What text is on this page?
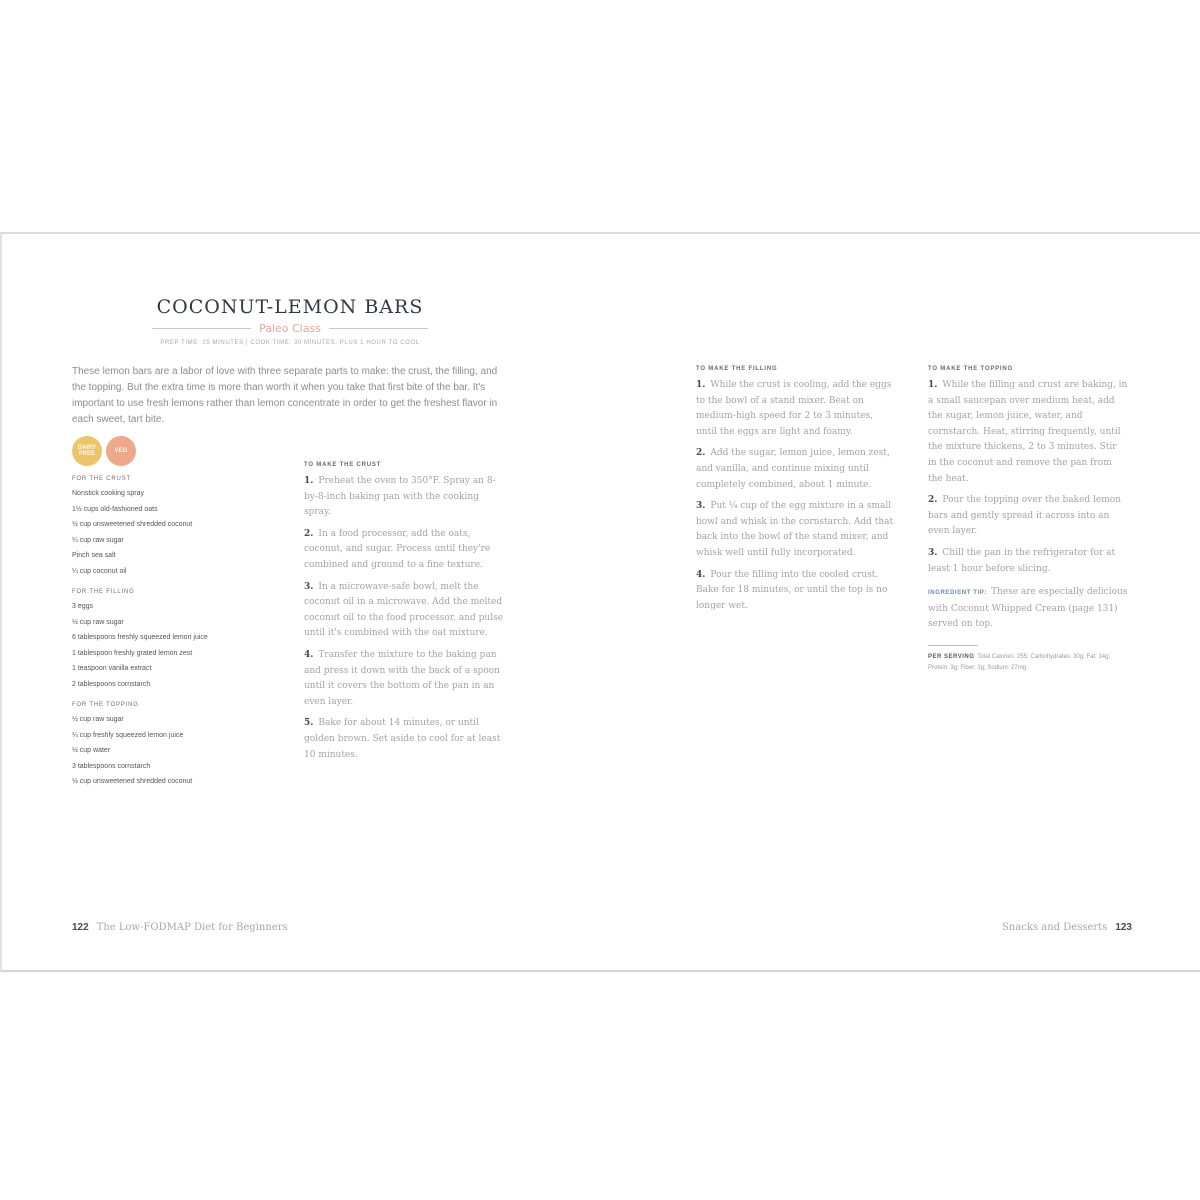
COCONUT-LEMON BARS
Paleo Class
PREP TIME: 25 MINUTES | COOK TIME: 30 MINUTES, PLUS 1 HOUR TO COOL
These lemon bars are a labor of love with three separate parts to make: the crust, the filling, and the topping. But the extra time is more than worth it when you take that first bite of the bar. It's important to use fresh lemons rather than lemon concentrate in order to get the freshest flavor in each sweet, tart bite.
DAIRY FREE	VEG
FOR THE CRUST
Nonstick cooking spray
1½ cups old-fashioned oats
½ cup unsweetened shredded coconut
¼ cup raw sugar
Pinch sea salt
¼ cup coconut oil
FOR THE FILLING
3 eggs
½ cup raw sugar
6 tablespoons freshly squeezed lemon juice
1 tablespoon freshly grated lemon zest
1 teaspoon vanilla extract
2 tablespoons cornstarch
FOR THE TOPPING
½ cup raw sugar
¼ cup freshly squeezed lemon juice
½ cup water
3 tablespoons cornstarch
½ cup unsweetened shredded coconut
TO MAKE THE CRUST
1. Preheat the oven to 350°F. Spray an 8-by-8-inch baking pan with the cooking spray.
2. In a food processor, add the oats, coconut, and sugar. Process until they're combined and ground to a fine texture.
3. In a microwave-safe bowl, melt the coconut oil in a microwave. Add the melted coconut oil to the food processor, and pulse until it's combined with the oat mixture.
4. Transfer the mixture to the baking pan and press it down with the back of a spoon until it covers the bottom of the pan in an even layer.
5. Bake for about 14 minutes, or until golden brown. Set aside to cool for at least 10 minutes.
TO MAKE THE FILLING
1. While the crust is cooling, add the eggs to the bowl of a stand mixer. Beat on medium-high speed for 2 to 3 minutes, until the eggs are light and foamy.
2. Add the sugar, lemon juice, lemon zest, and vanilla, and continue mixing until completely combined, about 1 minute.
3. Put ¼ cup of the egg mixture in a small bowl and whisk in the cornstarch. Add that back into the bowl of the stand mixer, and whisk well until fully incorporated.
4. Pour the filling into the cooled crust. Bake for 18 minutes, or until the top is no longer wet.
TO MAKE THE TOPPING
1. While the filling and crust are baking, in a small saucepan over medium heat, add the sugar, lemon juice, water, and cornstarch. Heat, stirring frequently, until the mixture thickens, 2 to 3 minutes. Stir in the coconut and remove the pan from the heat.
2. Pour the topping over the baked lemon bars and gently spread it across into an even layer.
3. Chill the pan in the refrigerator for at least 1 hour before slicing.
INGREDIENT TIP: These are especially delicious with Coconut Whipped Cream (page 131) served on top.
PER SERVING Total Calories: 255; Carbohydrates: 30g; Fat: 14g; Protein: 3g; Fiber: 3g; Sodium: 27mg
122 The Low-FODMAP Diet for Beginners	Snacks and Desserts 123
